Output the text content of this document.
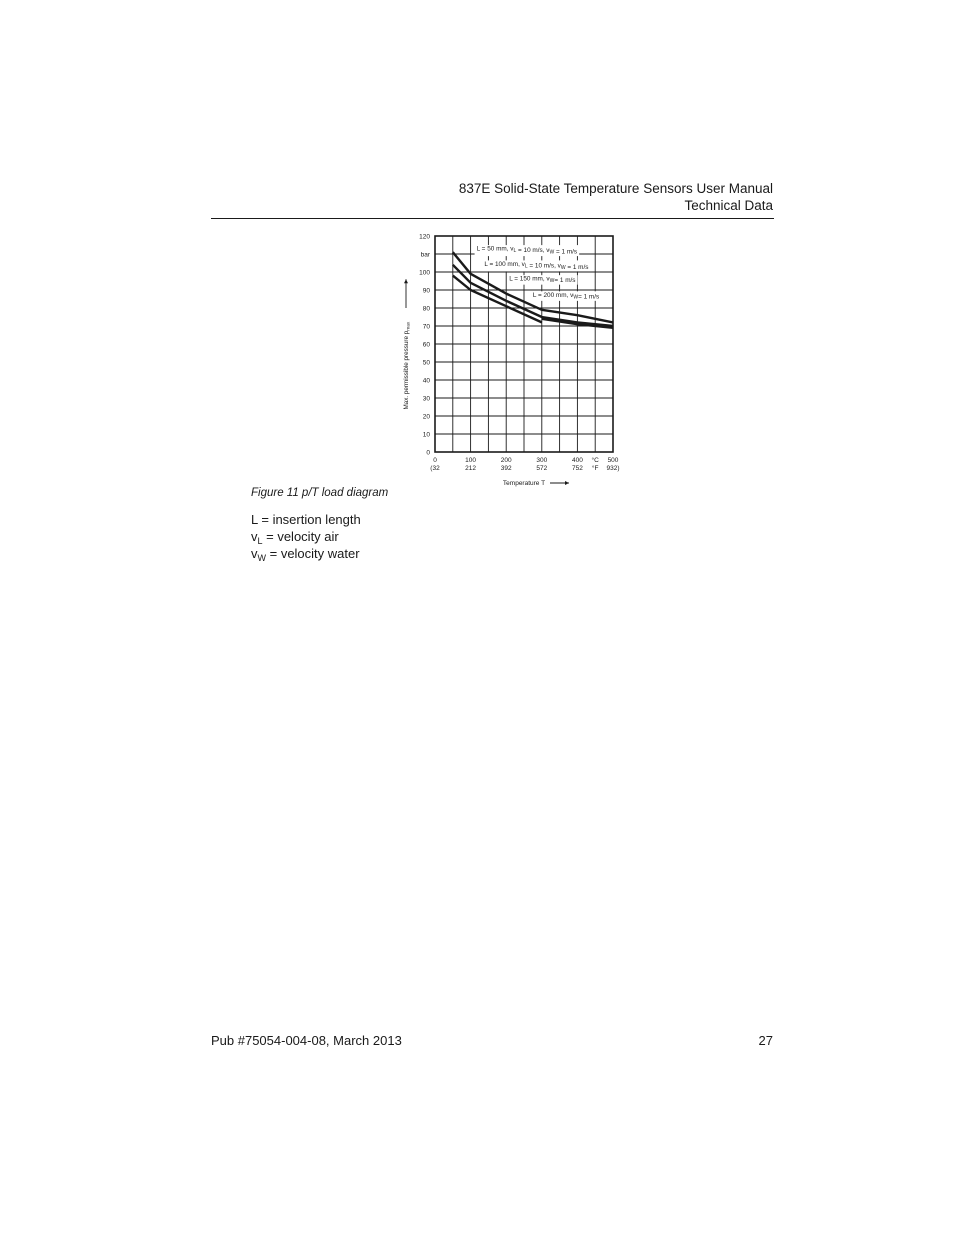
837E Solid-State Temperature Sensors User Manual
Technical Data
0
10
20
30
40
50
60
70
80
90
100
120
bar
0
(32
100
212
200
392
300
572
400
752
500
932)
°C
°F
Temperature T
Max. permissible pressure $p_{max}$
L = 50 mm, $v_L = 10$ m/s, $v_W = 1$ m/s
L = 100 mm, $v_L = 10$ m/s, $v_W = 1$ m/s
L = 150 mm, $v_W= 1$ m/s
L = 200 mm, $v_W= 1$ m/s
Figure 11 p/T load diagram
L = insertion length
$v_L$ = velocity air
$v_W$ = velocity water
Pub #75054-004-08, March 2013	27
